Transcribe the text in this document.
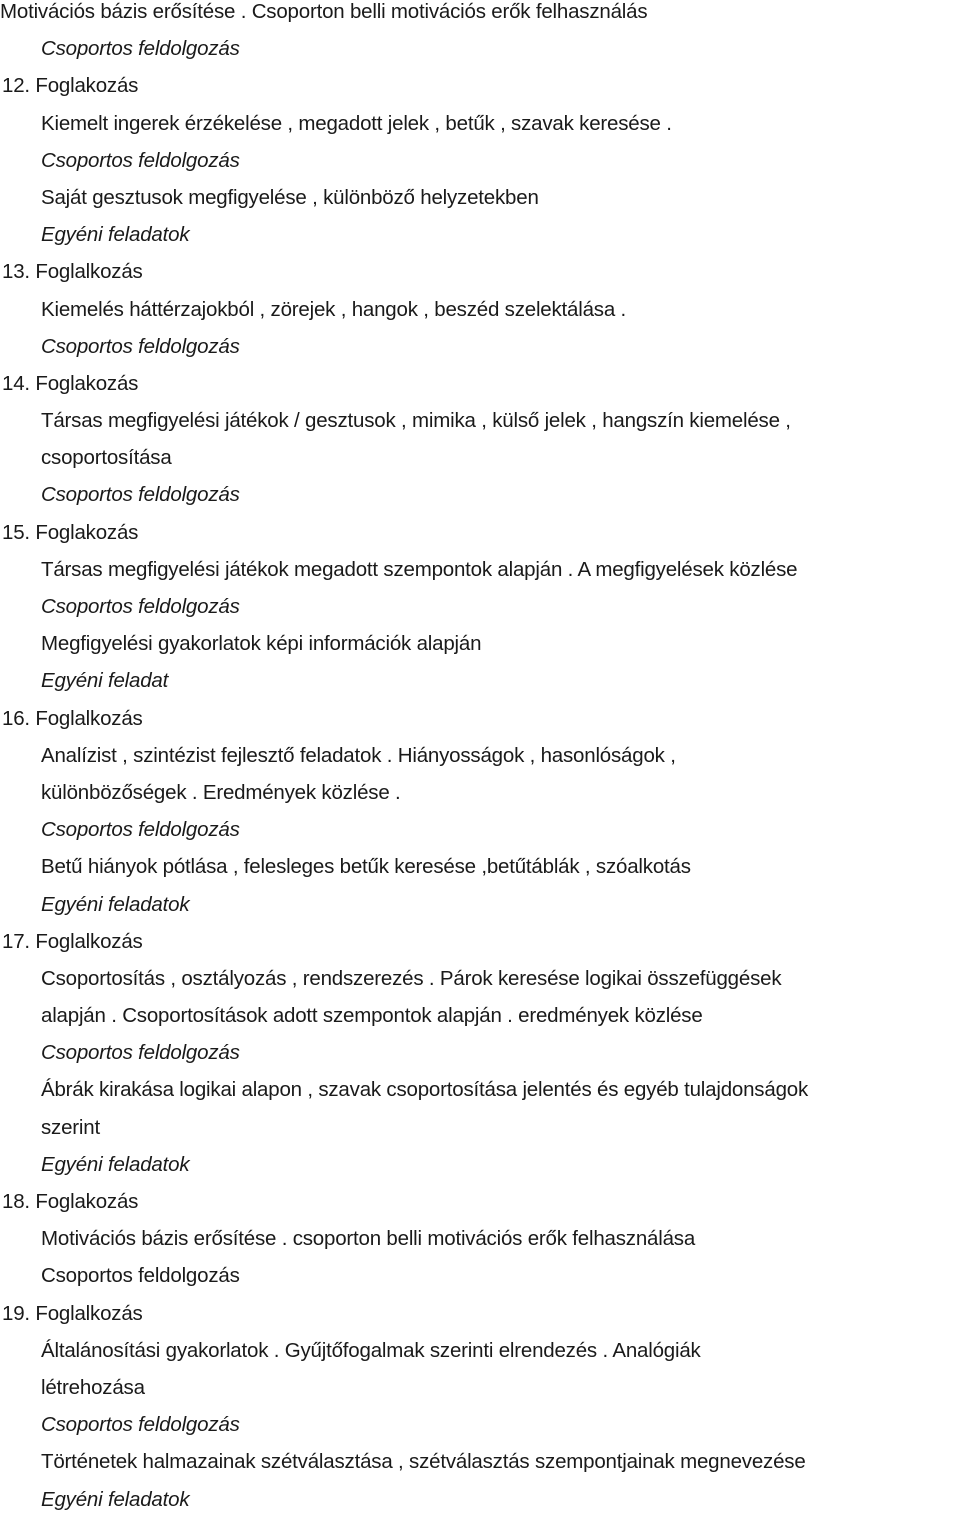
Motivációs bázis erősítése . Csoporton belli motivációs erők felhasználás
Csoportos feldolgozás
12. Foglakozás
Kiemelt ingerek érzékelése , megadott jelek , betűk , szavak keresése .
Csoportos feldolgozás
Saját gesztusok megfigyelése , különböző helyzetekben
Egyéni feladatok
13. Foglalkozás
Kiemelés háttérzajokból , zörejek , hangok , beszéd szelektálása .
Csoportos feldolgozás
14. Foglakozás
Társas megfigyelési játékok / gesztusok , mimika , külső jelek , hangszín kiemelése ,
csoportosítása
Csoportos feldolgozás
15. Foglakozás
Társas megfigyelési játékok megadott szempontok alapján . A megfigyelések közlése
Csoportos feldolgozás
Megfigyelési gyakorlatok képi információk alapján
Egyéni feladat
16. Foglalkozás
Analízist , szintézist fejlesztő feladatok . Hiányosságok , hasonlóságok ,
különbözőségek . Eredmények közlése .
Csoportos feldolgozás
Betű hiányok pótlása , felesleges betűk keresése ,betűtáblák , szóalkotás
Egyéni feladatok
17. Foglalkozás
Csoportosítás , osztályozás , rendszerezés . Párok keresése logikai összefüggések
alapján . Csoportosítások adott szempontok alapján . eredmények közlése
Csoportos feldolgozás
Ábrák kirakása logikai alapon , szavak csoportosítása jelentés és egyéb tulajdonságok
szerint
Egyéni feladatok
18. Foglakozás
Motivációs bázis erősítése . csoporton belli motivációs erők felhasználása
Csoportos feldolgozás
19. Foglalkozás
Általánosítási gyakorlatok . Gyűjtőfogalmak szerinti elrendezés . Analógiák
létrehozása
Csoportos feldolgozás
Történetek halmazainak szétválasztása , szétválasztás szempontjainak megnevezése
Egyéni feladatok
